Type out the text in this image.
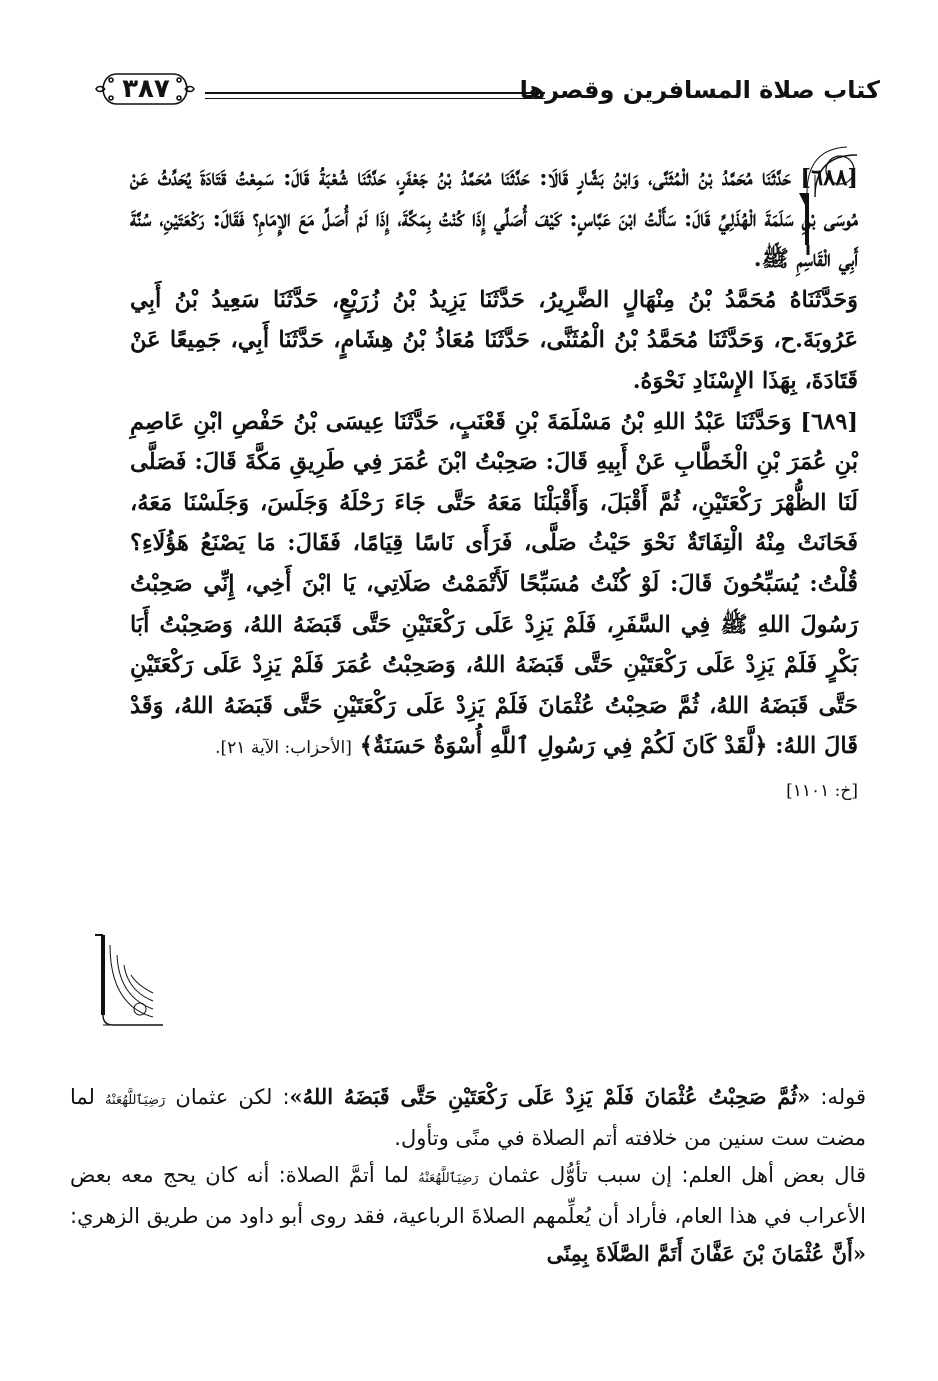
كتاب صلاة المسافرين وقصرها
٣٨٧

[٦٨٨] حَدَّثَنَا مُحَمَّدُ بْنُ الْمُثَنَّى، وَابْنُ بَشَّارٍ قَالَا: حَدَّثَنَا مُحَمَّدُ بْنُ جَعْفَرٍ، حَدَّثَنَا شُعْبَةُ قَالَ: سَمِعْتُ قَتَادَةَ يُحَدِّثُ عَنْ مُوسَى بْنِ سَلَمَةَ الْهُذَلِيِّ قَالَ: سَأَلْتُ ابْنَ عَبَّاسٍ: كَيْفَ أُصَلِّي إِذَا كُنْتُ بِمَكَّةَ، إِذَا لَمْ أُصَلِّ مَعَ الإِمَامِ؟ فَقَالَ: رَكْعَتَيْنِ، سُنَّةَ أَبِي الْقَاسِمِ ﷺ.

وَحَدَّثَنَاهُ مُحَمَّدُ بْنُ مِنْهَالٍ الضَّرِيرُ، حَدَّثَنَا يَزِيدُ بْنُ زُرَيْعٍ، حَدَّثَنَا سَعِيدُ بْنُ أَبِي عَرُوبَةَ.ح، وَحَدَّثَنَا مُحَمَّدُ بْنُ الْمُثَنَّى، حَدَّثَنَا مُعَاذُ بْنُ هِشَامٍ، حَدَّثَنَا أَبِي، جَمِيعًا عَنْ قَتَادَةَ، بِهَذَا الإِسْنَادِ نَحْوَهُ.

[٦٨٩] وَحَدَّثَنَا عَبْدُ اللهِ بْنُ مَسْلَمَةَ بْنِ قَعْنَبٍ، حَدَّثَنَا عِيسَى بْنُ حَفْصِ ابْنِ عَاصِمِ بْنِ عُمَرَ بْنِ الْخَطَّابِ عَنْ أَبِيهِ قَالَ: صَحِبْتُ ابْنَ عُمَرَ فِي طَرِيقِ مَكَّةَ قَالَ: فَصَلَّى لَنَا الظُّهْرَ رَكْعَتَيْنِ، ثُمَّ أَقْبَلَ، وَأَقْبَلْنَا مَعَهُ حَتَّى جَاءَ رَحْلَهُ وَجَلَسَ، وَجَلَسْنَا مَعَهُ، فَحَانَتْ مِنْهُ الْتِفَاتَةٌ نَحْوَ حَيْثُ صَلَّى، فَرَأَى نَاسًا قِيَامًا، فَقَالَ: مَا يَصْنَعُ هَؤُلَاءِ؟ قُلْتُ: يُسَبِّحُونَ قَالَ: لَوْ كُنْتُ مُسَبِّحًا لَأَتْمَمْتُ صَلَاتِي، يَا ابْنَ أَخِي، إِنِّي صَحِبْتُ رَسُولَ اللهِ ﷺ فِي السَّفَرِ، فَلَمْ يَزِدْ عَلَى رَكْعَتَيْنِ حَتَّى قَبَضَهُ اللهُ، وَصَحِبْتُ أَبَا بَكْرٍ فَلَمْ يَزِدْ عَلَى رَكْعَتَيْنِ حَتَّى قَبَضَهُ اللهُ، وَصَحِبْتُ عُمَرَ فَلَمْ يَزِدْ عَلَى رَكْعَتَيْنِ حَتَّى قَبَضَهُ اللهُ، ثُمَّ صَحِبْتُ عُثْمَانَ فَلَمْ يَزِدْ عَلَى رَكْعَتَيْنِ حَتَّى قَبَضَهُ اللهُ، وَقَدْ قَالَ اللهُ: ﴿لَّقَدْ كَانَ لَكُمْ فِي رَسُولِ ٱللَّهِ أُسْوَةٌ حَسَنَةٌ﴾ [الأحزاب: الآية ٢١].

[خ: ١١٠١]

قوله: «ثُمَّ صَحِبْتُ عُثْمَانَ فَلَمْ يَزِدْ عَلَى رَكْعَتَيْنِ حَتَّى قَبَضَهُ اللهُ»: لكن عثمان رَضِيَٱللَّهُعَنْهُ لما مضت ست سنين من خلافته أتم الصلاة في منًى وتأول.

قال بعض أهل العلم: إن سبب تأوُّل عثمان رَضِيَٱللَّهُعَنْهُ لما أتمَّ الصلاة: أنه كان يحج معه بعض الأعراب في هذا العام، فأراد أن يُعلِّمهم الصلاةَ الرباعية، فقد روى أبو داود من طريق الزهري: «أَنَّ عُثْمَانَ بْنَ عَفَّانَ أَتَمَّ الصَّلَاةَ بِمِنًى
